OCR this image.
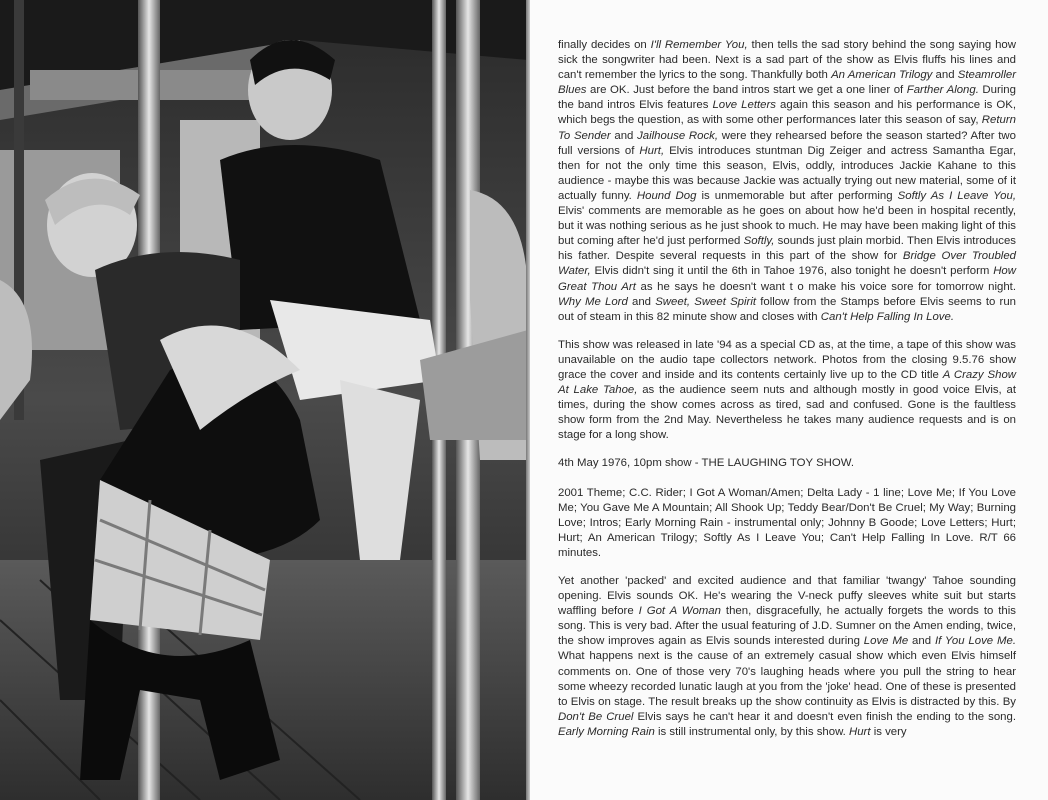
finally decides on I'll Remember You, then tells the sad story behind the song saying how sick the songwriter had been. Next is a sad part of the show as Elvis fluffs his lines and can't remember the lyrics to the song. Thankfully both An American Trilogy and Steamroller Blues are OK. Just before the band intros start we get a one liner of Farther Along. During the band intros Elvis features Love Letters again this season and his performance is OK, which begs the question, as with some other performances later this season of say, Return To Sender and Jailhouse Rock, were they rehearsed before the season started? After two full versions of Hurt, Elvis introduces stuntman Dig Zeiger and actress Samantha Egar, then for not the only time this season, Elvis, oddly, introduces Jackie Kahane to this audience - maybe this was because Jackie was actually trying out new material, some of it actually funny. Hound Dog is unmemorable but after performing Softly As I Leave You, Elvis' comments are memorable as he goes on about how he'd been in hospital recently, but it was nothing serious as he just shook to much. He may have been making light of this but coming after he'd just performed Softly, sounds just plain morbid. Then Elvis introduces his father. Despite several requests in this part of the show for Bridge Over Troubled Water, Elvis didn't sing it until the 6th in Tahoe 1976, also tonight he doesn't perform How Great Thou Art as he says he doesn't want t o make his voice sore for tomorrow night. Why Me Lord and Sweet, Sweet Spirit follow from the Stamps before Elvis seems to run out of steam in this 82 minute show and closes with Can't Help Falling In Love.

This show was released in late '94 as a special CD as, at the time, a tape of this show was unavailable on the audio tape collectors network. Photos from the closing 9.5.76 show grace the cover and inside and its contents certainly live up to the CD title A Crazy Show At Lake Tahoe, as the audience seem nuts and although mostly in good voice Elvis, at times, during the show comes across as tired, sad and confused. Gone is the faultless show form from the 2nd May. Nevertheless he takes many audience requests and is on stage for a long show.

4th May 1976, 10pm show - THE LAUGHING TOY SHOW.

2001 Theme; C.C. Rider; I Got A Woman/Amen; Delta Lady - 1 line; Love Me; If You Love Me; You Gave Me A Mountain; All Shook Up; Teddy Bear/Don't Be Cruel; My Way; Burning Love; Intros; Early Morning Rain - instrumental only; Johnny B Goode; Love Letters; Hurt; Hurt; An American Trilogy; Softly As I Leave You; Can't Help Falling In Love. R/T 66 minutes.

Yet another 'packed' and excited audience and that familiar 'twangy' Tahoe sounding opening. Elvis sounds OK. He's wearing the V-neck puffy sleeves white suit but starts waffling before I Got A Woman then, disgracefully, he actually forgets the words to this song. This is very bad. After the usual featuring of J.D. Sumner on the Amen ending, twice, the show improves again as Elvis sounds interested during Love Me and If You Love Me. What happens next is the cause of an extremely casual show which even Elvis himself comments on. One of those very 70's laughing heads where you pull the string to hear some wheezy recorded lunatic laugh at you from the 'joke' head. One of these is presented to Elvis on stage. The result breaks up the show continuity as Elvis is distracted by this. By Don't Be Cruel Elvis says he can't hear it and doesn't even finish the ending to the song. Early Morning Rain is still instrumental only, by this show. Hurt is very
